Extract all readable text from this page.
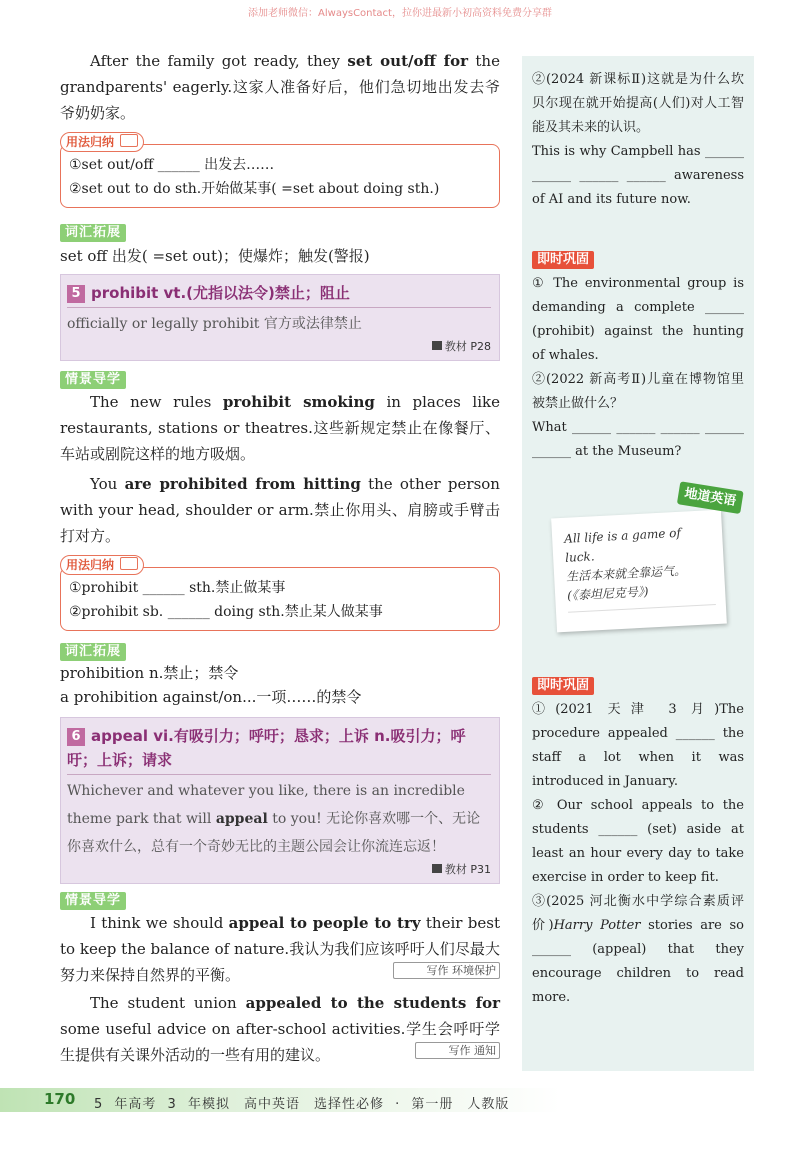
添加老师微信：AlwaysContact，拉你进最新小初高资料免费分享群

After the family got ready, they set out/off for the grandparents' eagerly.这家人准备好后，他们急切地出发去爷爷奶奶家。

用法归纳
①set out/off ______ 出发去……
②set out to do sth.开始做某事( =set about doing sth.)
词汇拓展
set off 出发( =set out)；使爆炸；触发(警报)
5 prohibit vt.(尤指以法令)禁止；阻止
officially or legally prohibit 官方或法律禁止
教材 P28
情景导学

The new rules prohibit smoking in places like restaurants, stations or theatres.这些新规定禁止在像餐厅、车站或剧院这样的地方吸烟。

You are prohibited from hitting the other person with your head, shoulder or arm.禁止你用头、肩膀或手臂击打对方。

用法归纳
①prohibit ______ sth.禁止做某事
②prohibit sb. ______ doing sth.禁止某人做某事
词汇拓展
prohibition n.禁止；禁令
a prohibition against/on...一项……的禁令
6 appeal vi.有吸引力；呼吁；恳求；上诉 n.吸引力；呼吁；上诉；请求
Whichever and whatever you like, there is an incredible theme park that will appeal to you! 无论你喜欢哪一个、无论你喜欢什么，总有一个奇妙无比的主题公园会让你流连忘返！
教材 P31
情景导学

I think we should appeal to people to try their best to keep the balance of nature.我认为我们应该呼吁人们尽最大努力来保持自然界的平衡。	写作 环境保护

The student union appealed to the students for some useful advice on after-school activities.学生会呼吁学生提供有关课外活动的一些有用的建议。	写作 通知

②(2024 新课标Ⅱ)这就是为什么坎贝尔现在就开始提高(人们)对人工智能及其未来的认识。

This is why Campbell has ______ ______ ______ ______ awareness of AI and its future now.

即时巩固

① The environmental group is demanding a complete ______ (prohibit) against the hunting of whales.

②(2022 新高考Ⅱ)儿童在博物馆里被禁止做什么？

What ______ ______ ______ ______ ______ at the Museum?

地道英语
All life is a game of luck.
生活本来就全靠运气。
(《泰坦尼克号》)
即时巩固

①(2021 天津 3 月)The procedure appealed ______ the staff a lot when it was introduced in January.

② Our school appeals to the students ______ (set) aside at least an hour every day to take exercise in order to keep fit.

③(2025 河北衡水中学综合素质评价)Harry Potter stories are so ______ (appeal) that they encourage children to read more.

170 5 年高考 3 年模拟　高中英语　选择性必修 · 第一册　人教版
